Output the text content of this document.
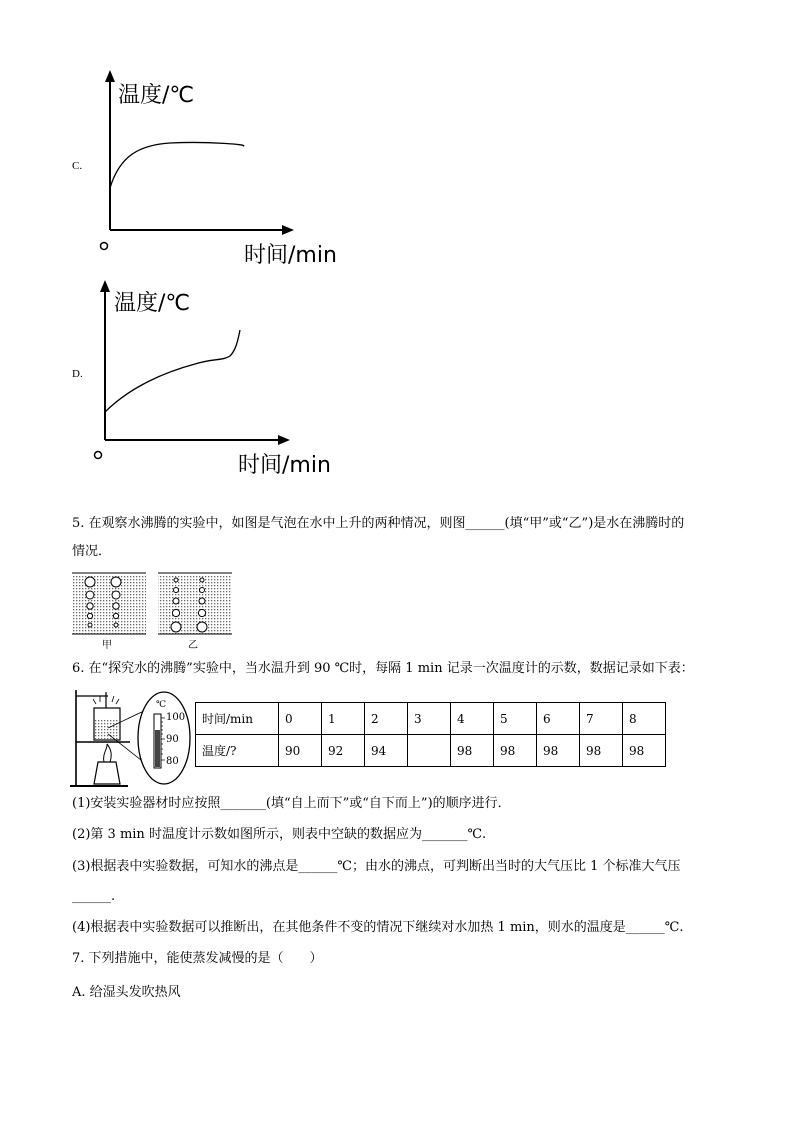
温度/℃
时间/min
C.
温度/℃
时间/min
D.
5. 在观察水沸腾的实验中，如图是气泡在水中上升的两种情况，则图______(填“甲”或“乙”)是水在沸腾时的
情况．
甲	乙
6. 在“探究水的沸腾”实验中，当水温升到 90 ℃时，每隔 1 min 记录一次温度计的示数，数据记录如下表：
℃
100
90
80
时间/min	0	1	2	3	4	5	6	7	8
温度/?	90	92	94		98	98	98	98	98
(1)安装实验器材时应按照_______(填“自上而下”或“自下而上”)的顺序进行．
(2)第 3 min 时温度计示数如图所示，则表中空缺的数据应为_______℃.
(3)根据表中实验数据，可知水的沸点是______℃；由水的沸点，可判断出当时的大气压比 1 个标准大气压
______.
(4)根据表中实验数据可以推断出，在其他条件不变的情况下继续对水加热 1 min，则水的温度是______℃.
7. 下列措施中，能使蒸发减慢的是（　　）
A. 给湿头发吹热风
